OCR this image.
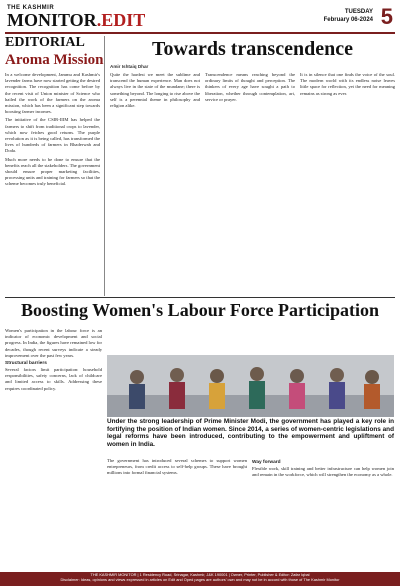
THE KASHMIR
MONITOR.EDIT	TUESDAY
February 06-2024 5
EDITORIAL
Aroma Mission

In a welcome development, Jammu and Kashmir's lavender farms have now started getting the desired recognition. The recognition has come before by the recent visit of Union minister of Science who hailed the work of the farmers on the aroma mission, which has been a significant step towards boosting farmer incomes.

The initiative of the CSIR-IIIM has helped the farmers to shift from traditional crops to lavender, which now fetches good returns. The purple revolution as it is being called, has transformed the lives of hundreds of farmers in Bhaderwah and Doda.

Much more needs to be done to ensure that the benefits reach all the stakeholders. The government should ensure proper marketing facilities, processing units and training for farmers so that the scheme becomes truly beneficial.

Towards transcendence
Amir Ishtaiq Dhar
Quite the hardest we meet the sublime and transcend the human experience. Man does not always live in the state of the mundane; there is something beyond. The longing to rise above the self is a perennial theme in philosophy and religion alike.
Transcendence means reaching beyond the ordinary limits of thought and perception. The thinkers of every age have sought a path to liberation, whether through contemplation, art, service or prayer.
It is in silence that one finds the voice of the soul. The modern world with its endless noise leaves little space for reflection, yet the need for meaning remains as strong as ever.
Boosting Women's Labour Force Participation

Women's participation in the labour force is an indicator of economic development and social progress. In India, the figures have remained low for decades, though recent surveys indicate a steady improvement over the past few years.

Structural barriers

Several factors limit participation: household responsibilities, safety concerns, lack of childcare and limited access to skills. Addressing these requires coordinated policy.

Under the strong leadership of Prime Minister Modi, the government has played a key role in fortifying the position of Indian women. Since 2014, a series of women-centric legislations and legal reforms have been introduced, contributing to the empowerment and upliftment of women in India.

The government has introduced several schemes to support women entrepreneurs, from credit access to self-help groups. These have brought millions into formal financial systems.

Way forward

Flexible work, skill training and better infrastructure can help women join and remain in the workforce, which will strengthen the economy as a whole.

THE KASHMIR MONITOR | 1 Residency Road, Srinagar, Kashmir, J&K 190001 | Owner, Printer, Publisher & Editor: Zafar Iqbal
Disclaimer: Ideas, opinions and views expressed in articles on Edit and Oped pages are authors' own and may not be in accord with those of The Kashmir Monitor
